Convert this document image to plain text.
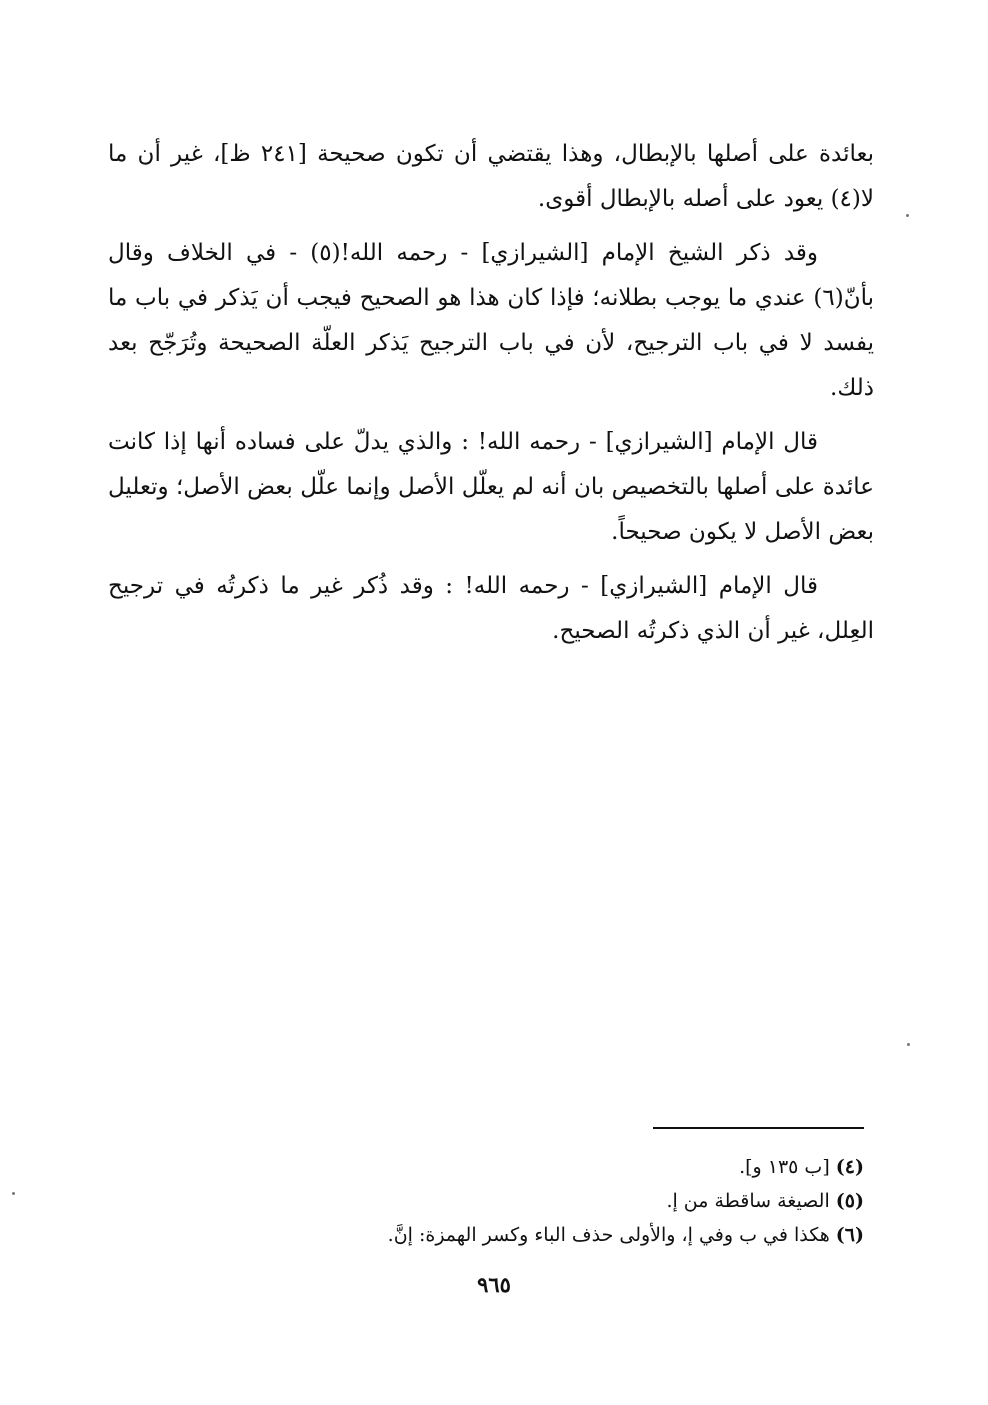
بعائدة على أصلها بالإبطال، وهذا يقتضي أن تكون صحيحة [٢٤١ ظ]، غير أن ما لا(٤) يعود على أصله بالإبطال أقوى.

وقد ذكر الشيخ الإمام [الشيرازي] - رحمه الله!(٥) - في الخلاف وقال بأنّ(٦) عندي ما يوجب بطلانه؛ فإذا كان هذا هو الصحيح فيجب أن يَذكر في باب ما يفسد لا في باب الترجيح، لأن في باب الترجيح يَذكر العلّة الصحيحة وتُرَجّح بعد ذلك.

قال الإمام [الشيرازي] - رحمه الله! : والذي يدلّ على فساده أنها إذا كانت عائدة على أصلها بالتخصيص بان أنه لم يعلّل الأصل وإنما علّل بعض الأصل؛ وتعليل بعض الأصل لا يكون صحيحاً.

قال الإمام [الشيرازي] - رحمه الله! : وقد ذُكر غير ما ذكرتُه في ترجيح العِلل، غير أن الذي ذكرتُه الصحيح.

(٤) [ب ١٣٥ و].

(٥) الصيغة ساقطة من إ.

(٦) هكذا في ب وفي إ، والأولى حذف الباء وكسر الهمزة: إنَّ.

٩٦٥
